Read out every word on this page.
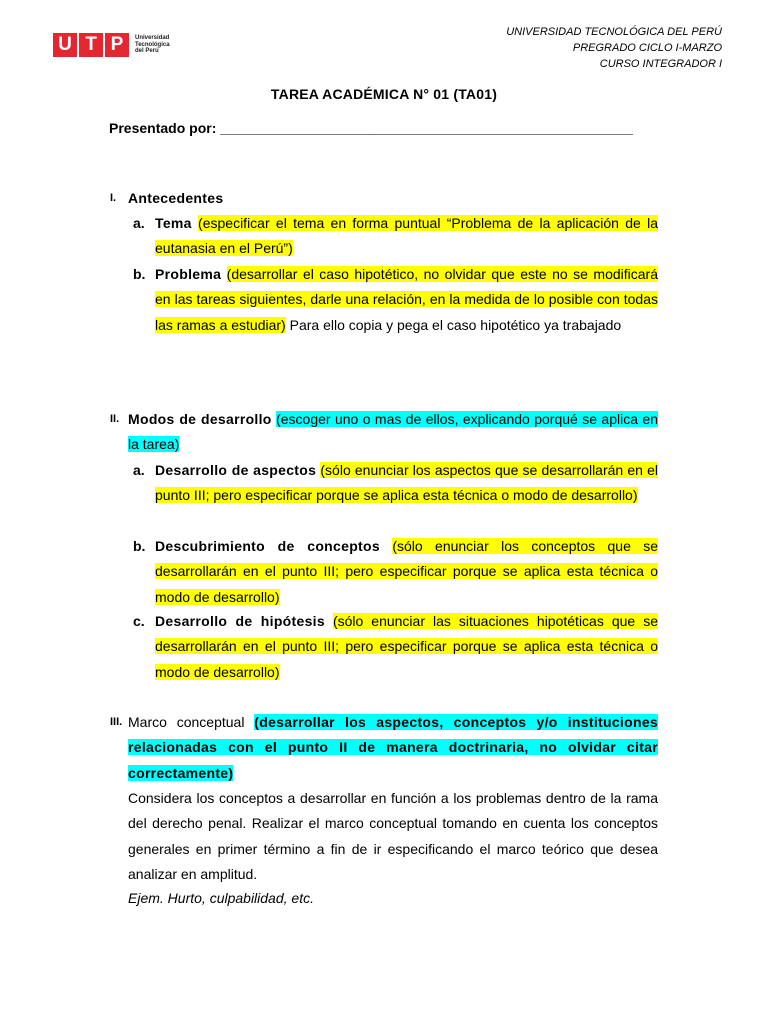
U T P	Universidad
Tecnológica
del Perú
UNIVERSIDAD TECNOLÓGICA DEL PERÚ
PREGRADO CICLO I-MARZO
CURSO INTEGRADOR I
TAREA ACADÉMICA N° 01 (TA01)
Presentado por: _____________________________________________________
I. Antecedentes
a. Tema (especificar el tema en forma puntual “Problema de la aplicación de la eutanasia en el Perú”)
b. Problema (desarrollar el caso hipotético, no olvidar que este no se modificará en las tareas siguientes, darle una relación, en la medida de lo posible con todas las ramas a estudiar) Para ello copia y pega el caso hipotético ya trabajado
II. Modos de desarrollo (escoger uno o mas de ellos, explicando porqué se aplica en la tarea)
a. Desarrollo de aspectos (sólo enunciar los aspectos que se desarrollarán en el punto III; pero especificar porque se aplica esta técnica o modo de desarrollo)
b. Descubrimiento de conceptos (sólo enunciar los conceptos que se desarrollarán en el punto III; pero especificar porque se aplica esta técnica o modo de desarrollo)
c. Desarrollo de hipótesis (sólo enunciar las situaciones hipotéticas que se desarrollarán en el punto III; pero especificar porque se aplica esta técnica o modo de desarrollo)
III. Marco conceptual (desarrollar los aspectos, conceptos y/o instituciones relacionadas con el punto II de manera doctrinaria, no olvidar citar correctamente)
Considera los conceptos a desarrollar en función a los problemas dentro de la rama del derecho penal. Realizar el marco conceptual tomando en cuenta los conceptos generales en primer término a fin de ir especificando el marco teórico que desea analizar en amplitud.
Ejem. Hurto, culpabilidad, etc.
